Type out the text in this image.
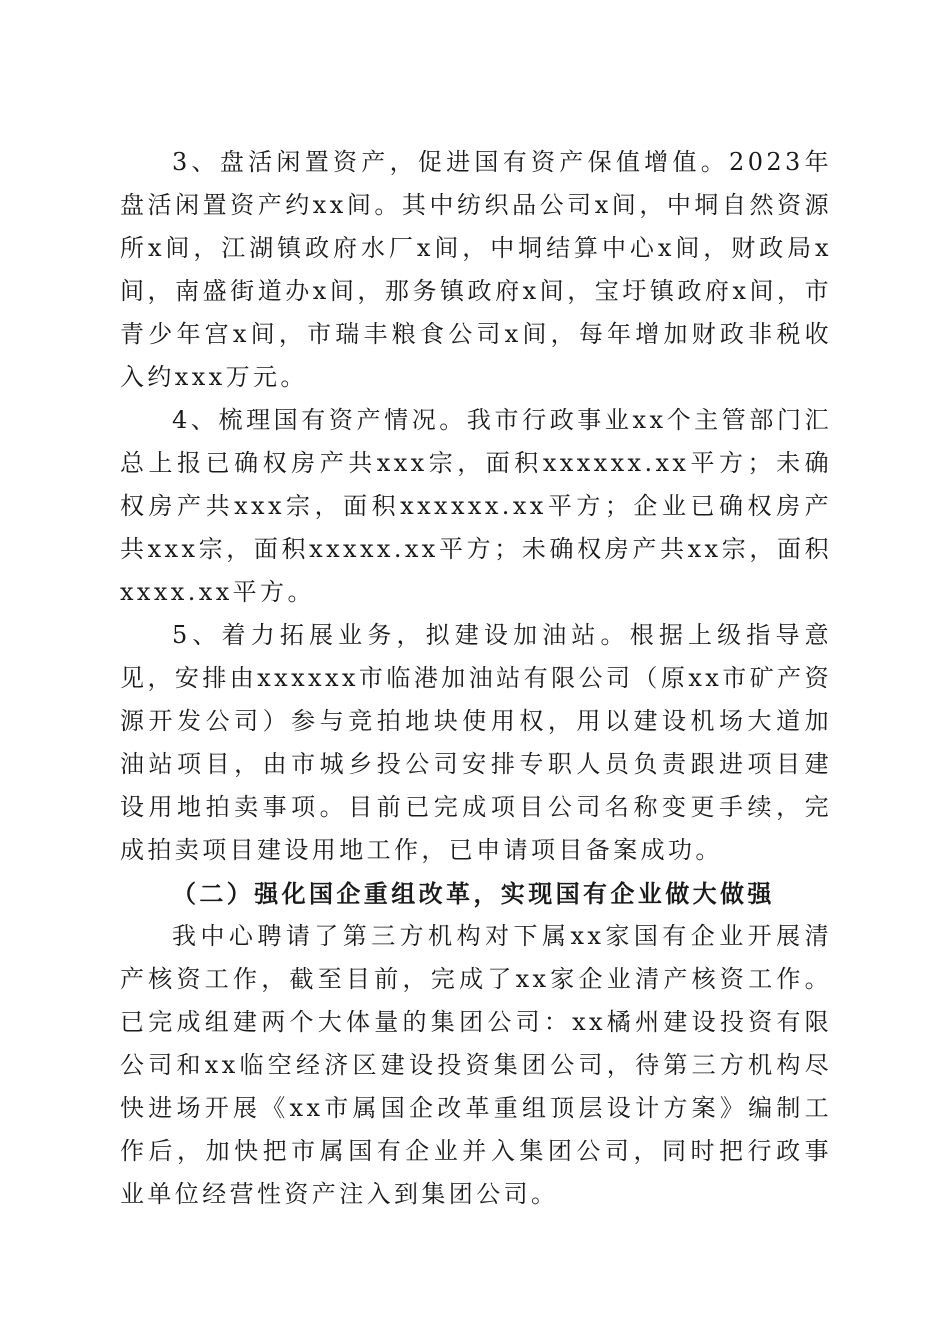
3、盘活闲置资产，促进国有资产保值增值。2023年盘活闲置资产约xx间。其中纺织品公司x间，中垌自然资源所x间，江湖镇政府水厂x间，中垌结算中心x间，财政局x间，南盛街道办x间，那务镇政府x间，宝圩镇政府x间，市青少年宫x间，市瑞丰粮食公司x间，每年增加财政非税收入约xxx万元。

4、梳理国有资产情况。我市行政事业xx个主管部门汇总上报已确权房产共xxx宗，面积xxxxxx.xx平方；未确权房产共xxx宗，面积xxxxxx.xx平方；企业已确权房产共xxx宗，面积xxxxx.xx平方；未确权房产共xx宗，面积xxxx.xx平方。

5、着力拓展业务，拟建设加油站。根据上级指导意见，安排由xxxxxx市临港加油站有限公司（原xx市矿产资源开发公司）参与竞拍地块使用权，用以建设机场大道加油站项目，由市城乡投公司安排专职人员负责跟进项目建设用地拍卖事项。目前已完成项目公司名称变更手续，完成拍卖项目建设用地工作，已申请项目备案成功。

（二）强化国企重组改革，实现国有企业做大做强

我中心聘请了第三方机构对下属xx家国有企业开展清产核资工作，截至目前，完成了xx家企业清产核资工作。已完成组建两个大体量的集团公司：xx橘州建设投资有限公司和xx临空经济区建设投资集团公司，待第三方机构尽快进场开展《xx市属国企改革重组顶层设计方案》编制工作后，加快把市属国有企业并入集团公司，同时把行政事业单位经营性资产注入到集团公司。
